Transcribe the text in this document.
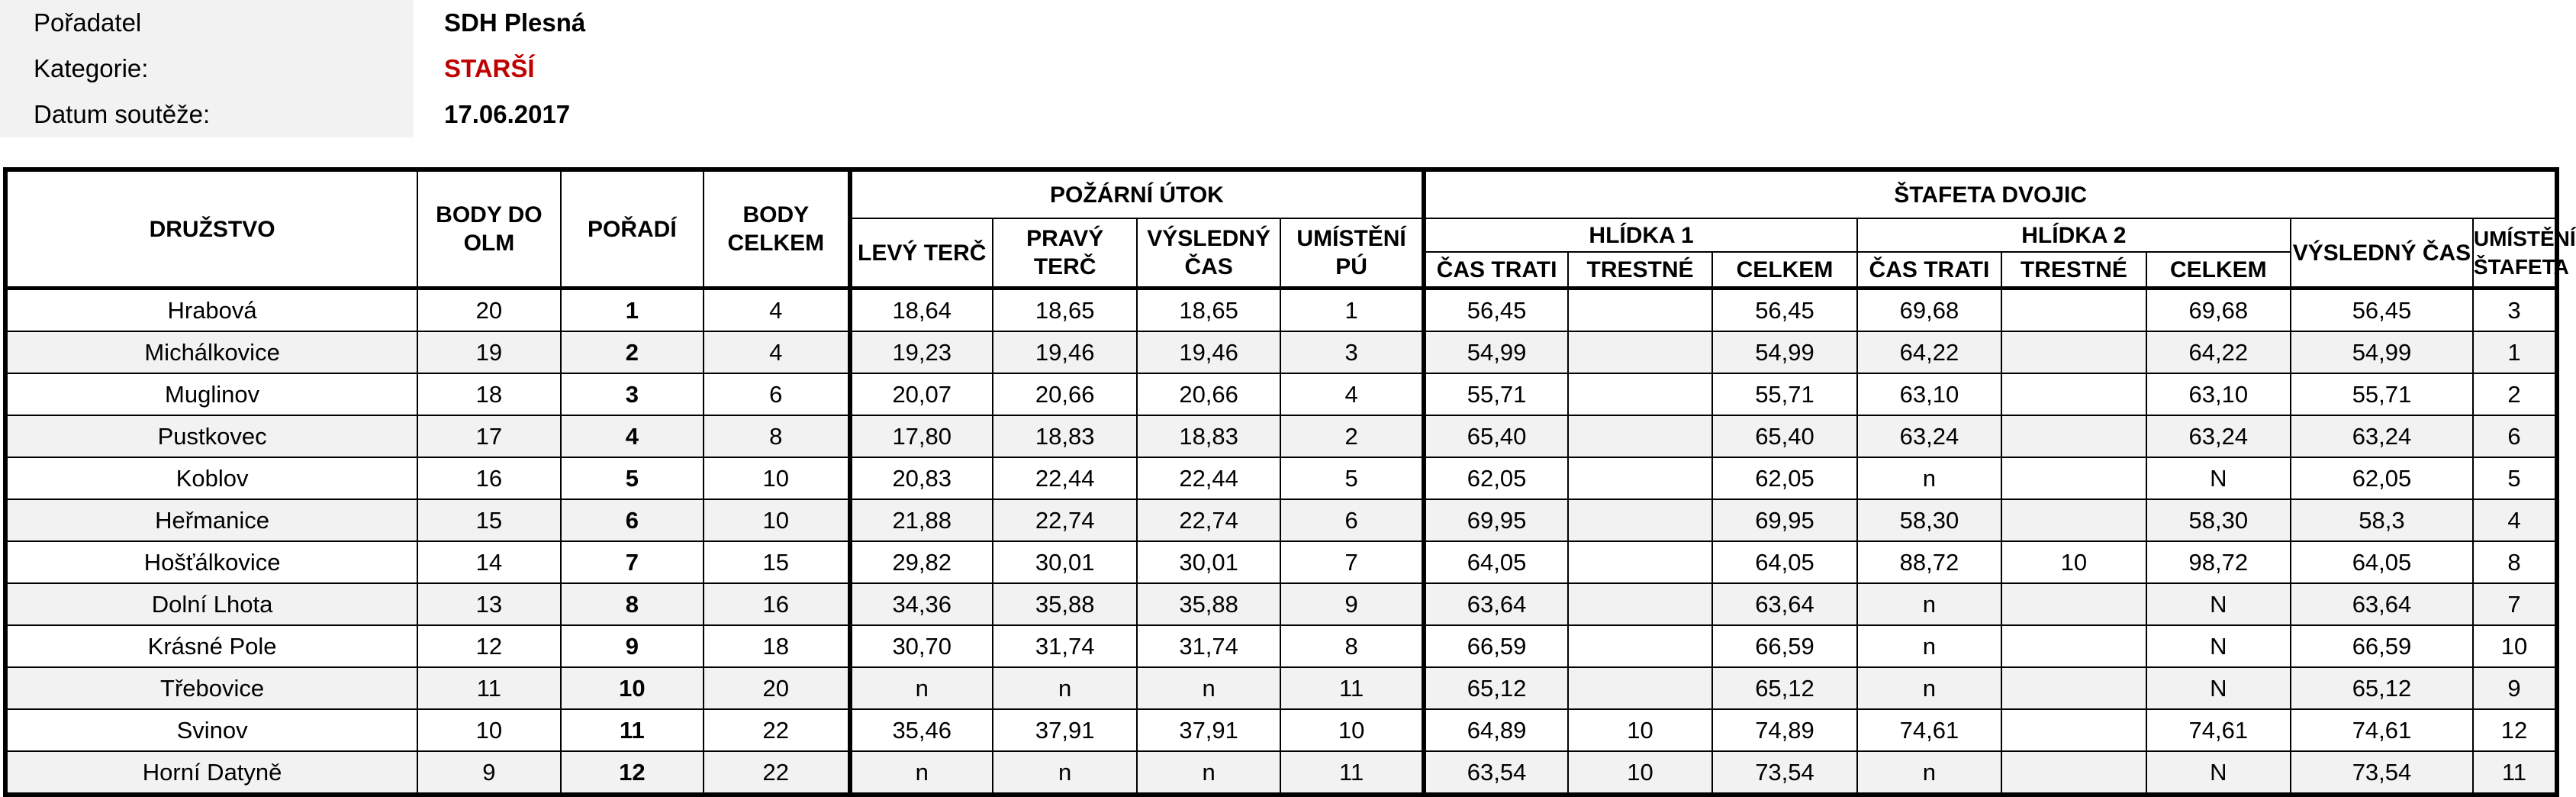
Pořadatel	SDH Plesná
Kategorie:	STARŠÍ
Datum soutěže:	17.06.2017
DRUŽSTVO	BODY DO OLM	POŘADÍ	BODY CELKEM	POŽÁRNÍ ÚTOK				ŠTAFETA DVOJIC							
				LEVÝ TERČ	PRAVÝ TERČ	VÝSLEDNÝ ČAS	UMÍSTĚNÍ PÚ	HLÍDKA 1			HLÍDKA 2			VÝSLEDNÝ ČAS	UMÍSTĚNÍ ŠTAFETA
								ČAS TRATI	TRESTNÉ	CELKEM	ČAS TRATI	TRESTNÉ	CELKEM		
Hrabová	20	1	4	18,64	18,65	18,65	1	56,45		56,45	69,68		69,68	56,45	3
Michálkovice	19	2	4	19,23	19,46	19,46	3	54,99		54,99	64,22		64,22	54,99	1
Muglinov	18	3	6	20,07	20,66	20,66	4	55,71		55,71	63,10		63,10	55,71	2
Pustkovec	17	4	8	17,80	18,83	18,83	2	65,40		65,40	63,24		63,24	63,24	6
Koblov	16	5	10	20,83	22,44	22,44	5	62,05		62,05	n		N	62,05	5
Heřmanice	15	6	10	21,88	22,74	22,74	6	69,95		69,95	58,30		58,30	58,3	4
Hošťálkovice	14	7	15	29,82	30,01	30,01	7	64,05		64,05	88,72	10	98,72	64,05	8
Dolní Lhota	13	8	16	34,36	35,88	35,88	9	63,64		63,64	n		N	63,64	7
Krásné Pole	12	9	18	30,70	31,74	31,74	8	66,59		66,59	n		N	66,59	10
Třebovice	11	10	20	n	n	n	11	65,12		65,12	n		N	65,12	9
Svinov	10	11	22	35,46	37,91	37,91	10	64,89	10	74,89	74,61		74,61	74,61	12
Horní Datyně	9	12	22	n	n	n	11	63,54	10	73,54	n		N	73,54	11
